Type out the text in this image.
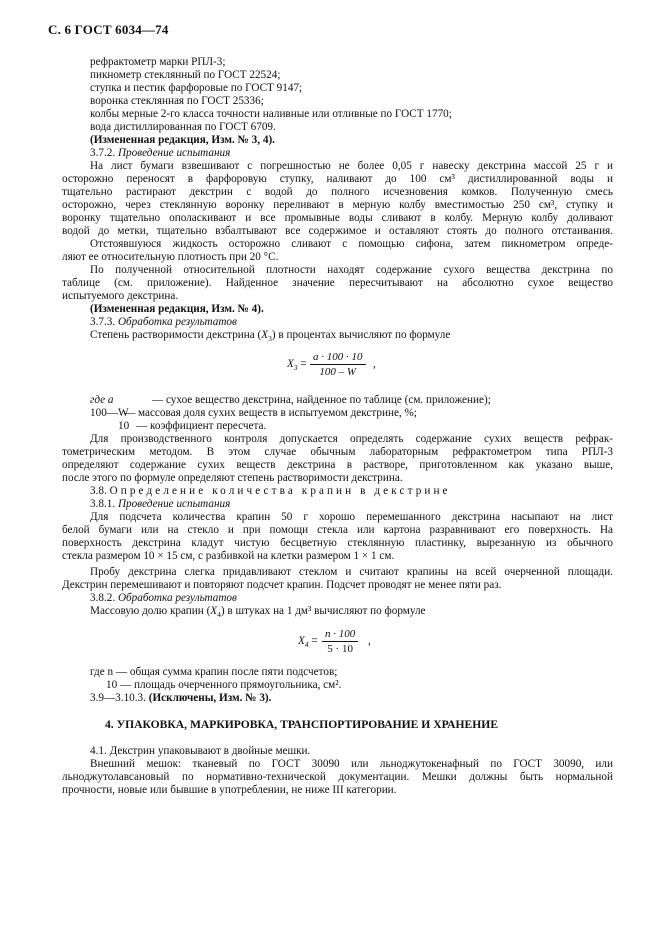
С. 6 ГОСТ 6034—74
рефрактометр марки РПЛ-3;
пикнометр стеклянный по ГОСТ 22524;
ступка и пестик фарфоровые по ГОСТ 9147;
воронка стеклянная по ГОСТ 25336;
колбы мерные 2-го класса точности наливные или отливные по ГОСТ 1770;
вода дистиллированная по ГОСТ 6709.
(Измененная редакция, Изм. № 3, 4).
3.7.2. Проведение испытания
На лист бумаги взвешивают с погрешностью не более 0,05 г навеску декстрина массой 25 г и
осторожно переносят в фарфоровую ступку, наливают до 100 см³ дистиллированной воды и
тщательно растирают декстрин с водой до полного исчезновения комков. Полученную смесь
осторожно, через стеклянную воронку переливают в мерную колбу вместимостью 250 см³, ступку и
воронку тщательно ополаскивают и все промывные воды сливают в колбу. Мерную колбу доливают
водой до метки, тщательно взбалтывают все содержимое и оставляют стоять до полного отстаивания.
Отстоявшуюся жидкость осторожно сливают с помощью сифона, затем пикнометром опреде-
ляют ее относительную плотность при 20 °С.
По полученной относительной плотности находят содержание сухого вещества декстрина по
таблице (см. приложение). Найденное значение пересчитывают на абсолютно сухое вещество
испытуемого декстрина.
(Измененная редакция, Изм. № 4).
3.7.3. Обработка результатов
Степень растворимости декстрина $(X_3)$ в процентах вычисляют по формуле
$X_3$ =
a · 100 · 10
100 – W
,
где a	— сухое вещество декстрина, найденное по таблице (см. приложение);
100—W— массовая доля сухих веществ в испытуемом декстрине, %;
10 — коэффициент пересчета.
Для производственного контроля допускается определять содержание сухих веществ рефрак-
тометрическим методом. В этом случае обычным лабораторным рефрактометром типа РПЛ-3
определяют содержание сухих веществ декстрина в растворе, приготовленном как указано выше,
после этого по формуле определяют степень растворимости декстрина.
3.8. Определение количества крапин в декстрине
3.8.1. Проведение испытания
Для подсчета количества крапин 50 г хорошо перемешанного декстрина насыпают на лист
белой бумаги или на стекло и при помощи стекла или картона разравнивают его поверхность. На
поверхность декстрина кладут чистую бесцветную стеклянную пластинку, вырезанную из обычного
стекла размером 10 × 15 см, с разбивкой на клетки размером 1 × 1 см.
Пробу декстрина слегка придавливают стеклом и считают крапины на всей очерченной площади.
Декстрин перемешивают и повторяют подсчет крапин. Подсчет проводят не менее пяти раз.
3.8.2. Обработка результатов
Массовую долю крапин $(X_4)$ в штуках на 1 дм³ вычисляют по формуле
$X_4$ =
n · 100
5 · 10
,
где n — общая сумма крапин после пяти подсчетов;
10 — площадь очерченного прямоугольника, см².
3.9—3.10.3. (Исключены, Изм. № 3).
4. УПАКОВКА, МАРКИРОВКА, ТРАНСПОРТИРОВАНИЕ И ХРАНЕНИЕ
4.1. Декстрин упаковывают в двойные мешки.
Внешний мешок: тканевый по ГОСТ 30090 или льноджутокенафный по ГОСТ 30090, или
льноджутолавсановый по нормативно-технической документации. Мешки должны быть нормальной
прочности, новые или бывшие в употреблении, не ниже III категории.
